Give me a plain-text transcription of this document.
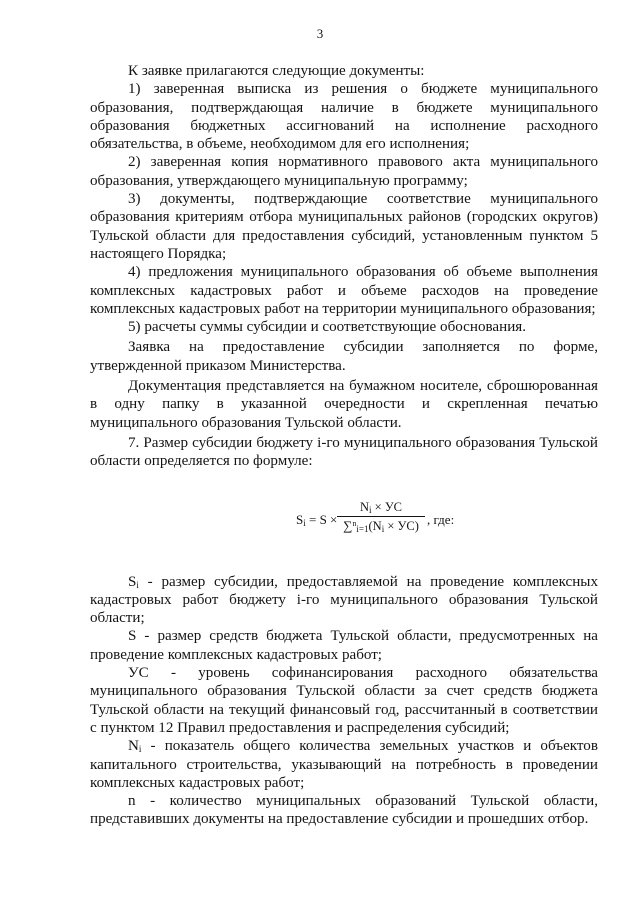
3

К заявке прилагаются следующие документы:

1) заверенная выписка из решения о бюджете муниципального образования, подтверждающая наличие в бюджете муниципального образования бюджетных ассигнований на исполнение расходного обязательства, в объеме, необходимом для его исполнения;

2) заверенная копия нормативного правового акта муниципального образования, утверждающего муниципальную программу;

3) документы, подтверждающие соответствие муниципального образования критериям отбора муниципальных районов (городских округов) Тульской области для предоставления субсидий, установленным пунктом 5 настоящего Порядка;

4) предложения муниципального образования об объеме выполнения комплексных кадастровых работ и объеме расходов на проведение комплексных кадастровых работ на территории муниципального образования;

5) расчеты суммы субсидии и соответствующие обоснования.

Заявка на предоставление субсидии заполняется по форме, утвержденной приказом Министерства.

Документация представляется на бумажном носителе, сброшюрованная в одну папку в указанной очередности и скрепленная печатью муниципального образования Тульской области.

7. Размер субсидии бюджету i-го муниципального образования Тульской области определяется по формуле:

$S_i = S$ ×
$N_i$ × УС
$\sum^n_{i=1}(N_i \times УС)$ , где:

$S_i$ - размер субсидии, предоставляемой на проведение комплексных кадастровых работ бюджету i-го муниципального образования Тульской области;

S - размер средств бюджета Тульской области, предусмотренных на проведение комплексных кадастровых работ;

УС - уровень софинансирования расходного обязательства муниципального образования Тульской области за счет средств бюджета Тульской области на текущий финансовый год, рассчитанный в соответствии с пунктом 12 Правил предоставления и распределения субсидий;

$N_i$ - показатель общего количества земельных участков и объектов капитального строительства, указывающий на потребность в проведении комплексных кадастровых работ;

n - количество муниципальных образований Тульской области, представивших документы на предоставление субсидии и прошедших отбор.
